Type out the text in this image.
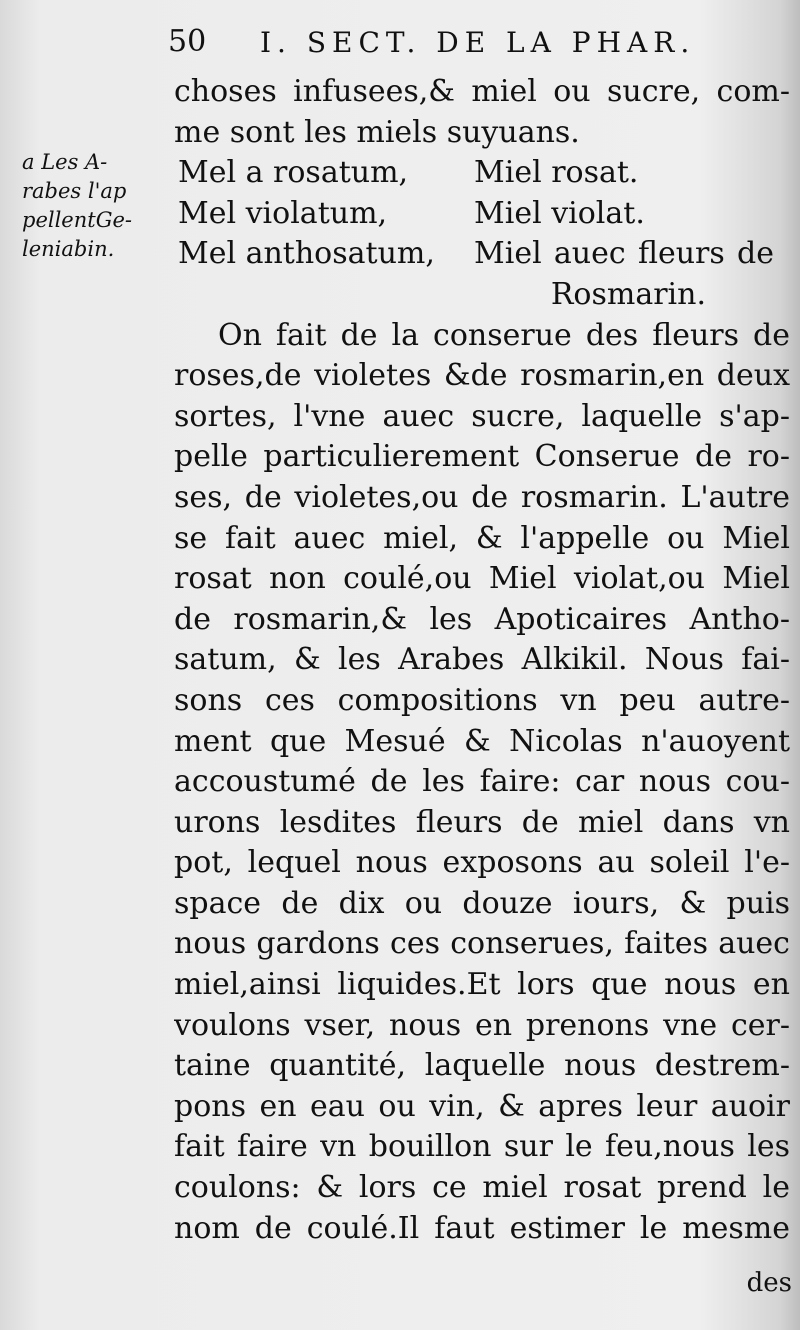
50 I. SECT. DE LA PHAR.
a Les A-
rabes l'ap
pellentGe-
leniabin.
choses infusees,& miel ou sucre, com-
me sont les miels suyuans.
Mel a rosatum, Miel rosat.
Mel violatum,	Miel violat.
Mel anthosatum, Miel auec fleurs de
Rosmarin.
On fait de la conserue des fleurs de
roses,de violetes &de rosmarin,en deux
sortes, l'vne auec sucre, laquelle s'ap-
pelle particulierement Conserue de ro-
ses, de violetes,ou de rosmarin. L'autre
se fait auec miel, & l'appelle ou Miel
rosat non coulé,ou Miel violat,ou Miel
de rosmarin,& les Apoticaires Antho-
satum, & les Arabes Alkikil. Nous fai-
sons ces compositions vn peu autre-
ment que Mesué & Nicolas n'auoyent
accoustumé de les faire: car nous cou-
urons lesdites fleurs de miel dans vn
pot, lequel nous exposons au soleil l'e-
space de dix ou douze iours, & puis
nous gardons ces conserues, faites auec
miel,ainsi liquides.Et lors que nous en
voulons vser, nous en prenons vne cer-
taine quantité, laquelle nous destrem-
pons en eau ou vin, & apres leur auoir
fait faire vn bouillon sur le feu,nous les
coulons: & lors ce miel rosat prend le
nom de coulé.Il faut estimer le mesme
des
